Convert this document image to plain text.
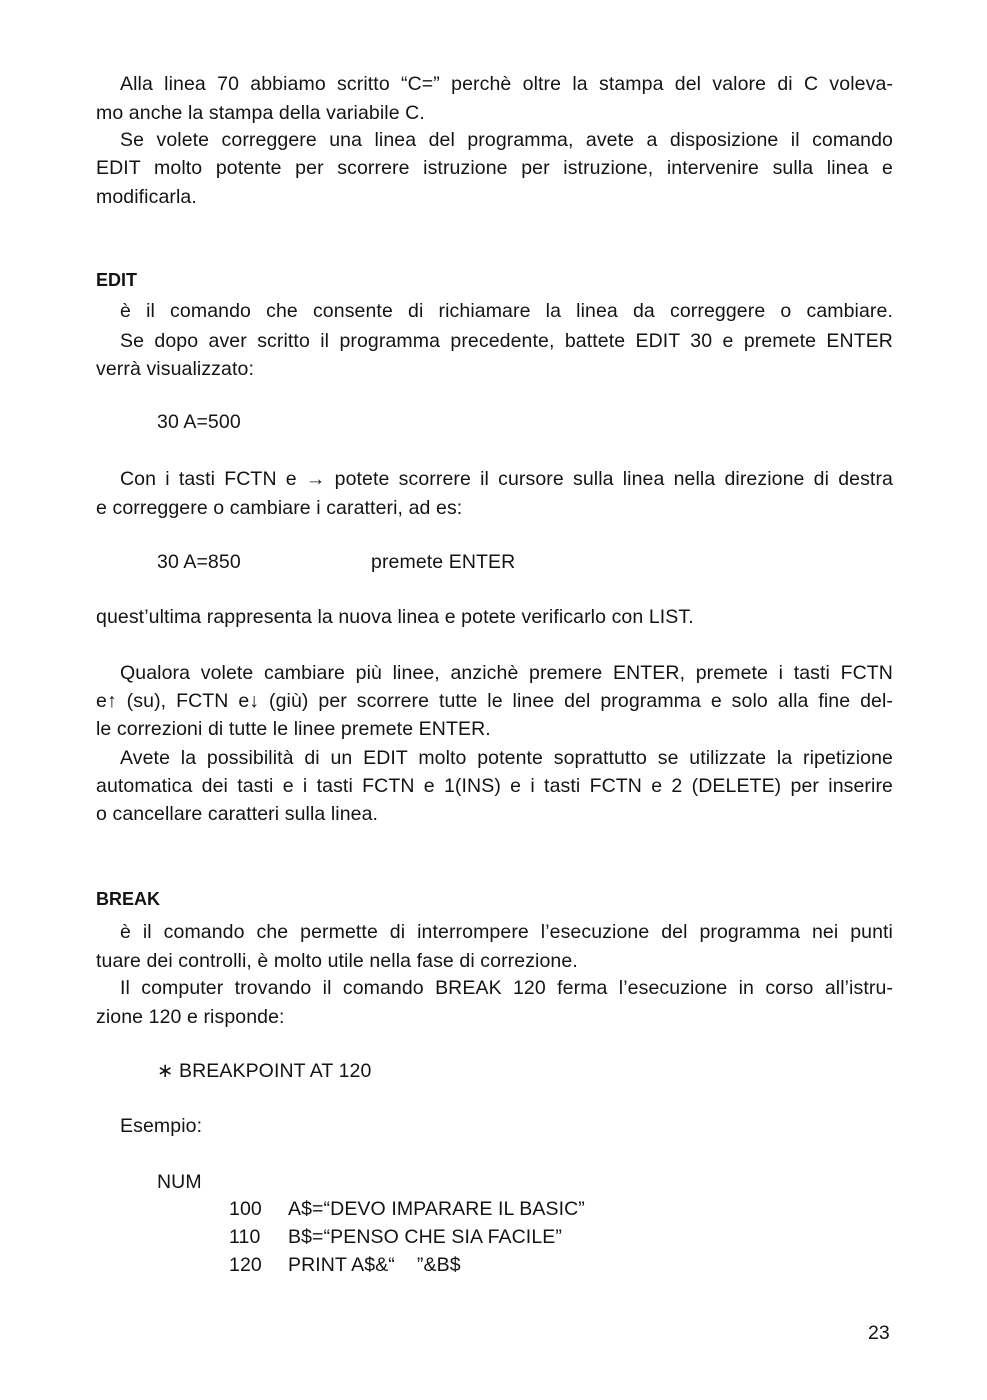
Alla linea 70 abbiamo scritto “C=” perchè oltre la stampa del valore di C voleva-
mo anche la stampa della variabile C.
Se volete correggere una linea del programma, avete a disposizione il comando
EDIT molto potente per scorrere istruzione per istruzione, intervenire sulla linea e
modificarla.
EDIT
è il comando che consente di richiamare la linea da correggere o cambiare.
Se dopo aver scritto il programma precedente, battete EDIT 30 e premete ENTER
verrà visualizzato:
30 A=500
Con i tasti FCTN e → potete scorrere il cursore sulla linea nella direzione di destra
e correggere o cambiare i caratteri, ad es:
30 A=850	premete ENTER
quest’ultima rappresenta la nuova linea e potete verificarlo con LIST.
Qualora volete cambiare più linee, anzichè premere ENTER, premete i tasti FCTN
e↑ (su), FCTN e↓ (giù) per scorrere tutte le linee del programma e solo alla fine del-
le correzioni di tutte le linee premete ENTER.
Avete la possibilità di un EDIT molto potente soprattutto se utilizzate la ripetizione
automatica dei tasti e i tasti FCTN e 1(INS) e i tasti FCTN e 2 (DELETE) per inserire
o cancellare caratteri sulla linea.
BREAK
è il comando che permette di interrompere l’esecuzione del programma nei punti
tuare dei controlli, è molto utile nella fase di correzione.
Il computer trovando il comando BREAK 120 ferma l’esecuzione in corso all’istru-
zione 120 e risponde:
∗ BREAKPOINT AT 120
Esempio:
NUM
100 A$=“DEVO IMPARARE IL BASIC”
110 B$=“PENSO CHE SIA FACILE”
120 PRINT A$&“    ”&B$
23
